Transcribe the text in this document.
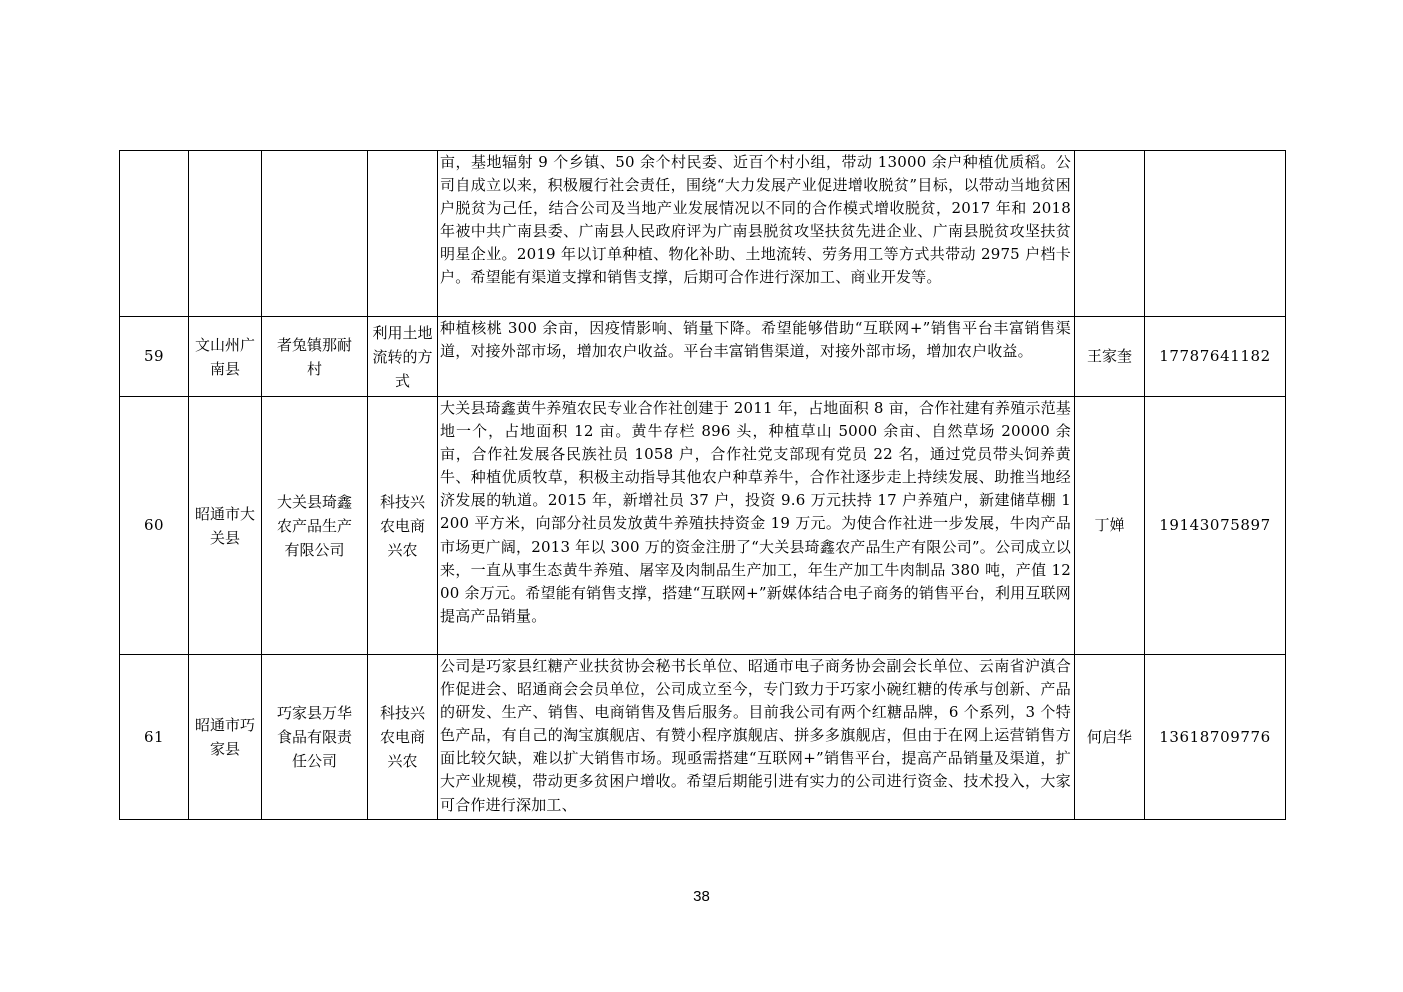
				亩，基地辐射 9 个乡镇、50 余个村民委、近百个村小组，带动 13000 余户种植优质稻。公司自成立以来，积极履行社会责任，围绕“大力发展产业促进增收脱贫”目标，以带动当地贫困户脱贫为己任，结合公司及当地产业发展情况以不同的合作模式增收脱贫，2017 年和 2018 年被中共广南县委、广南县人民政府评为广南县脱贫攻坚扶贫先进企业、广南县脱贫攻坚扶贫明星企业。2019 年以订单种植、物化补助、土地流转、劳务用工等方式共带动 2975 户档卡户。希望能有渠道支撑和销售支撑，后期可合作进行深加工、商业开发等。		
59	文山州广南县	者兔镇那耐村	利用土地流转的方式	种植核桃 300 余亩，因疫情影响、销量下降。希望能够借助“互联网+”销售平台丰富销售渠道，对接外部市场，增加农户收益。平台丰富销售渠道，对接外部市场，增加农户收益。	王家奎	17787641182
60	昭通市大关县	大关县琦鑫农产品生产有限公司	科技兴农电商兴农	大关县琦鑫黄牛养殖农民专业合作社创建于 2011 年，占地面积 8 亩，合作社建有养殖示范基地一个，占地面积 12 亩。黄牛存栏 896 头，种植草山 5000 余亩、自然草场 20000 余亩，合作社发展各民族社员 1058 户，合作社党支部现有党员 22 名，通过党员带头饲养黄牛、种植优质牧草，积极主动指导其他农户种草养牛，合作社逐步走上持续发展、助推当地经济发展的轨道。2015 年，新增社员 37 户，投资 9.6 万元扶持 17 户养殖户，新建储草棚 1200 平方米，向部分社员发放黄牛养殖扶持资金 19 万元。为使合作社进一步发展，牛肉产品市场更广阔，2013 年以 300 万的资金注册了“大关县琦鑫农产品生产有限公司”。公司成立以来，一直从事生态黄牛养殖、屠宰及肉制品生产加工，年生产加工牛肉制品 380 吨，产值 1200 余万元。希望能有销售支撑，搭建“互联网+”新媒体结合电子商务的销售平台，利用互联网提高产品销量。	丁婵	19143075897
61	昭通市巧家县	巧家县万华食品有限责任公司	科技兴农电商兴农	公司是巧家县红糖产业扶贫协会秘书长单位、昭通市电子商务协会副会长单位、云南省沪滇合作促进会、昭通商会会员单位，公司成立至今，专门致力于巧家小碗红糖的传承与创新、产品的研发、生产、销售、电商销售及售后服务。目前我公司有两个红糖品牌，6 个系列，3 个特色产品，有自己的淘宝旗舰店、有赞小程序旗舰店、拼多多旗舰店，但由于在网上运营销售方面比较欠缺，难以扩大销售市场。现亟需搭建“互联网+”销售平台，提高产品销量及渠道，扩大产业规模，带动更多贫困户增收。希望后期能引进有实力的公司进行资金、技术投入，大家可合作进行深加工、	何启华	13618709776
38
